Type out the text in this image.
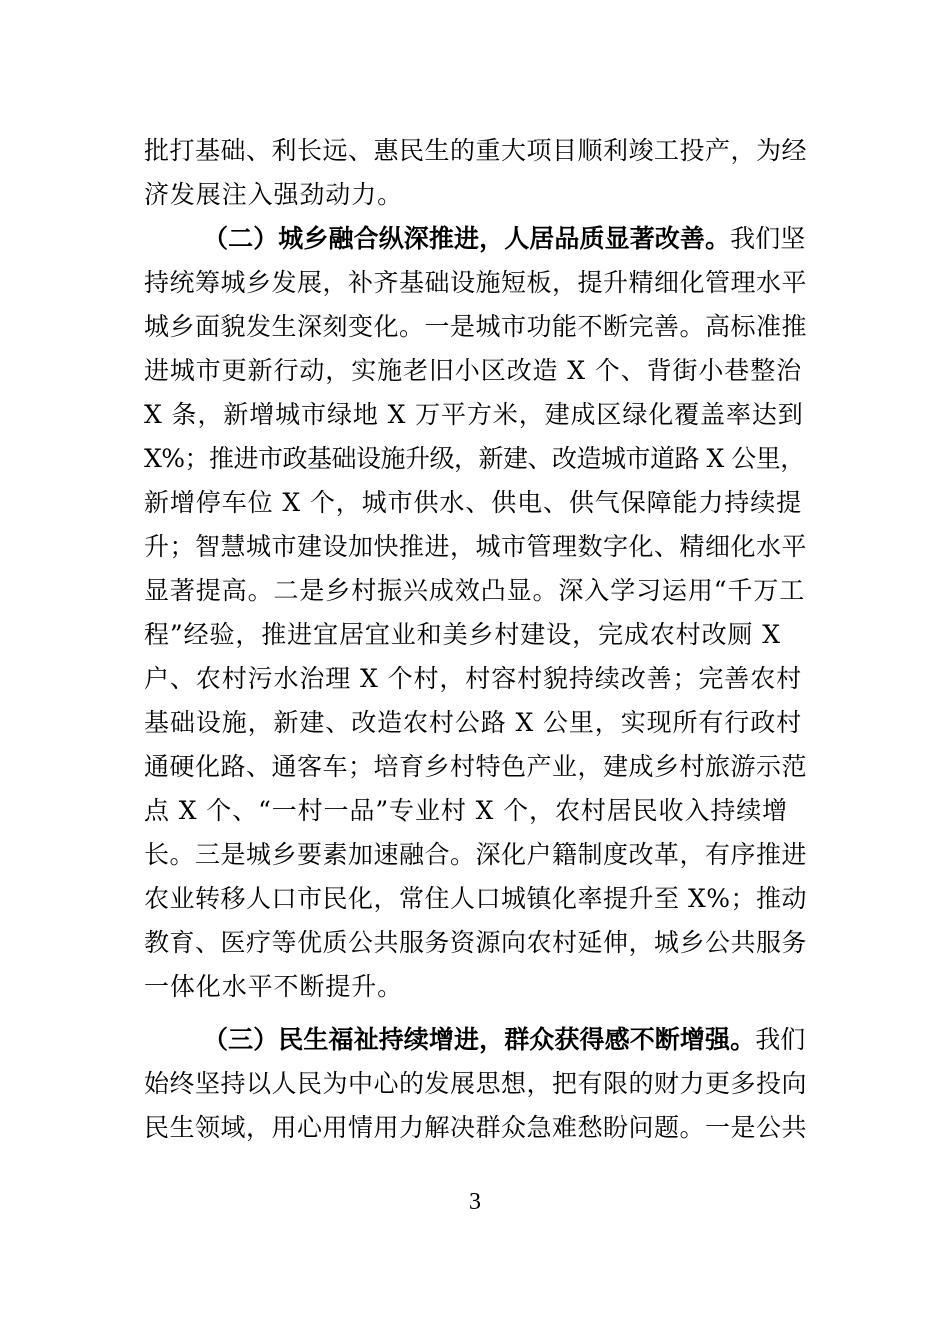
批打基础、利长远、惠民生的重大项目顺利竣工投产，为经
济发展注入强劲动力。
（二）城乡融合纵深推进，人居品质显著改善。我们坚
持统筹城乡发展，补齐基础设施短板，提升精细化管理水平
城乡面貌发生深刻变化。一是城市功能不断完善。高标准推
进城市更新行动，实施老旧小区改造 X 个、背街小巷整治
X 条，新增城市绿地 X 万平方米，建成区绿化覆盖率达到
X%；推进市政基础设施升级，新建、改造城市道路 X 公里，
新增停车位 X 个，城市供水、供电、供气保障能力持续提
升；智慧城市建设加快推进，城市管理数字化、精细化水平
显著提高。二是乡村振兴成效凸显。深入学习运用“千万工
程”经验，推进宜居宜业和美乡村建设，完成农村改厕 X
户、农村污水治理 X 个村，村容村貌持续改善；完善农村
基础设施，新建、改造农村公路 X 公里，实现所有行政村
通硬化路、通客车；培育乡村特色产业，建成乡村旅游示范
点 X 个、“一村一品”专业村 X 个，农村居民收入持续增
长。三是城乡要素加速融合。深化户籍制度改革，有序推进
农业转移人口市民化，常住人口城镇化率提升至 X%；推动
教育、医疗等优质公共服务资源向农村延伸，城乡公共服务
一体化水平不断提升。
（三）民生福祉持续增进，群众获得感不断增强。我们
始终坚持以人民为中心的发展思想，把有限的财力更多投向
民生领域，用心用情用力解决群众急难愁盼问题。一是公共
3
